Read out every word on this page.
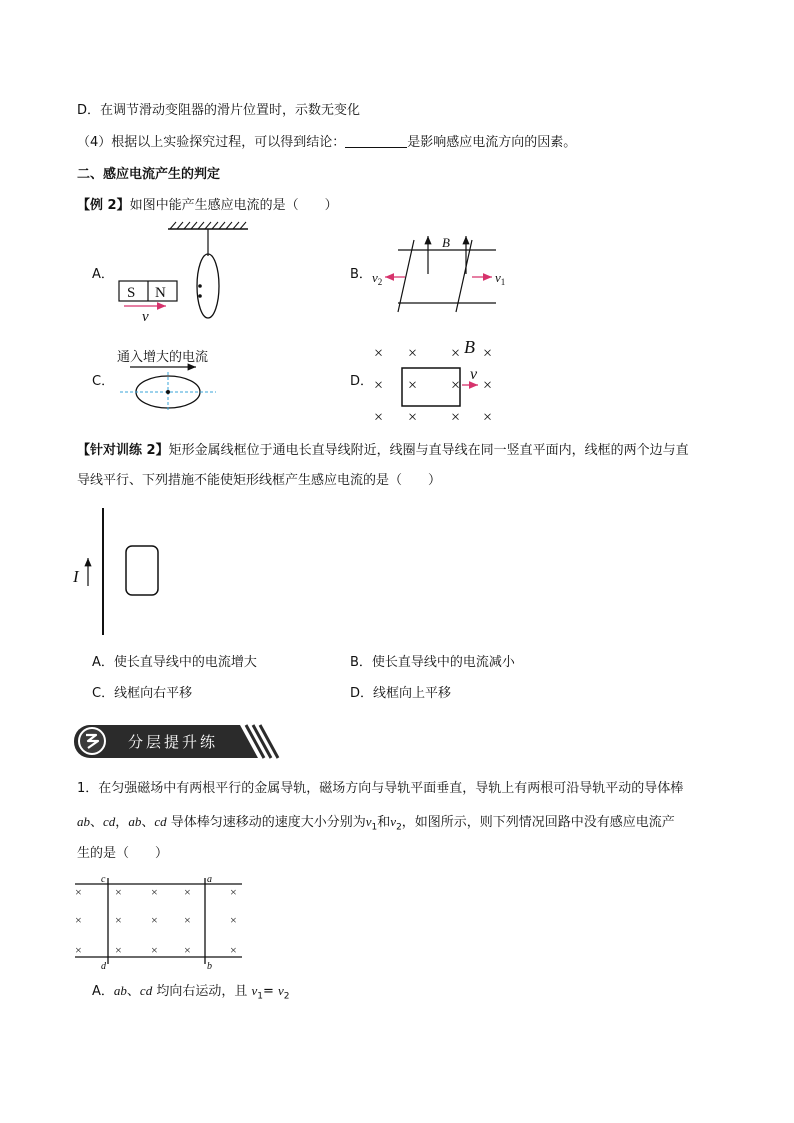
D．在调节滑动变阻器的滑片位置时，示数无变化
（4）根据以上实验探究过程，可以得到结论：	是影响感应电流方向的因素。
二、感应电流产生的判定
【例 2】如图中能产生感应电流的是（　　）
A．	B．
C．	D．
S N
v
B
$v_2$	$v_1$
通入增大的电流	× × × ×
× × × ×
× × × ×
B
v
【针对训练 2】矩形金属线框位于通电长直导线附近，线圈与直导线在同一竖直平面内，线框的两个边与直
导线平行、下列措施不能使矩形线框产生感应电流的是（　　）
I
A．使长直导线中的电流增大	B．使长直导线中的电流减小
C．线框向右平移	D．线框向上平移
分层提升练
1．在匀强磁场中有两根平行的金属导轨，磁场方向与导轨平面垂直，导轨上有两根可沿导轨平动的导体棒
ab、cd，ab、cd 导体棒匀速移动的速度大小分别为$v_1$和$v_2$，如图所示，则下列情况回路中没有感应电流产
生的是（　　）
c	a
d	b
×	× × ×	×
×	× × ×	×
×	× × ×	×
A．ab、cd 均向右运动，且 $v_1= v_2$
